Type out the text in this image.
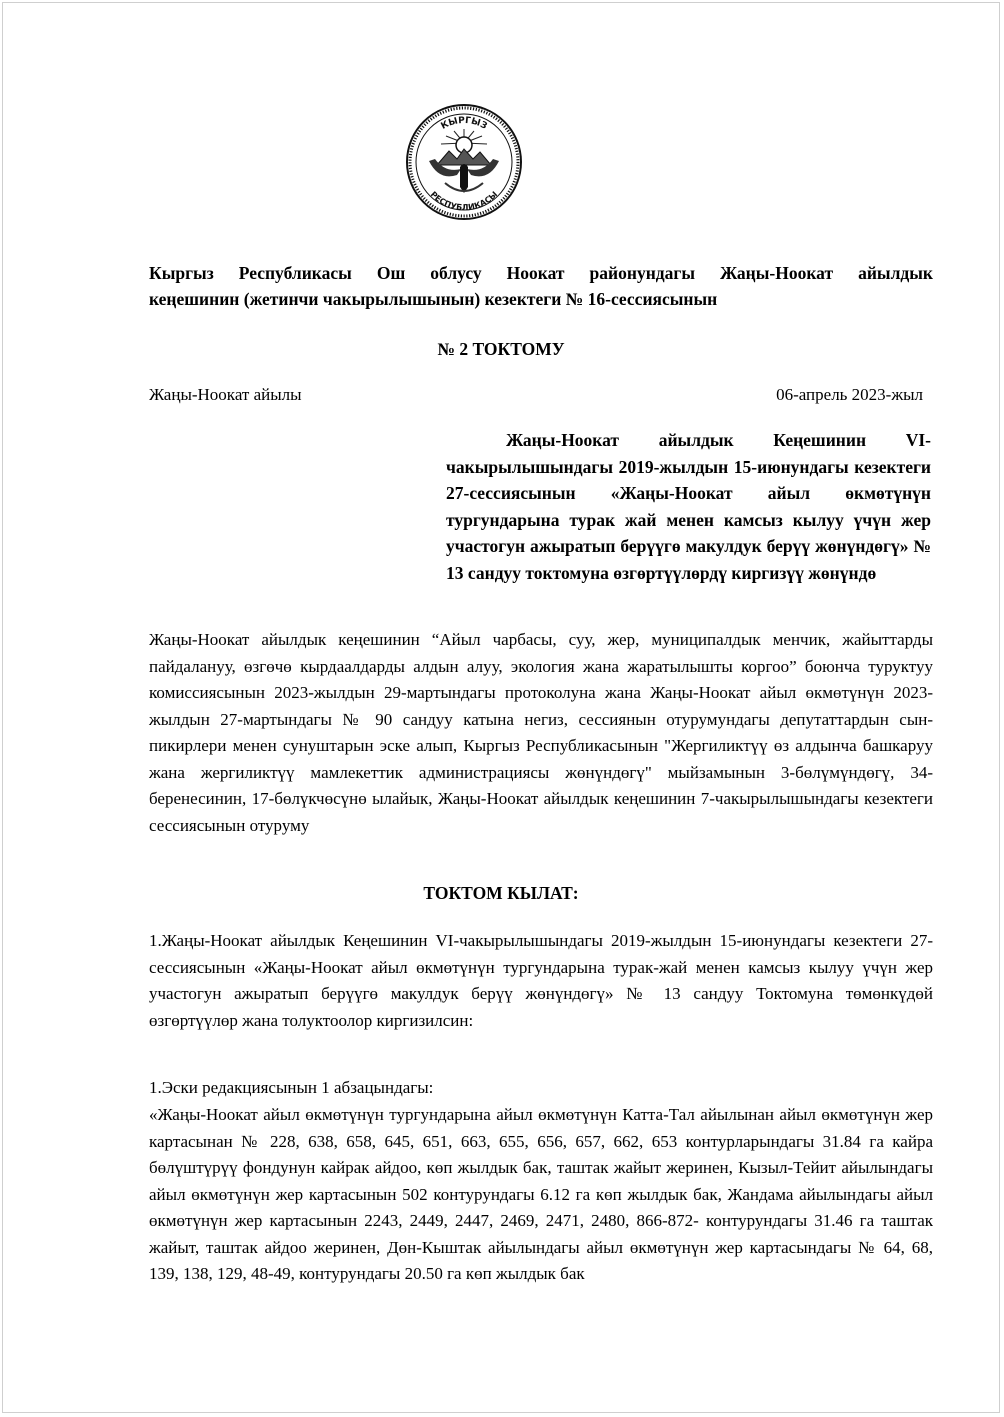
КЫРГЫЗ
РЕСПУБЛИКАСЫ
Кыргыз Республикасы Ош облусу Ноокат районундагы Жаңы-Ноокат айылдык
кеңешинин (жетинчи чакырылышынын) кезектеги № 16-сессиясынын
№ 2 ТОКТОМУ
Жаңы-Ноокат айылы	06-апрель 2023-жыл
Жаңы-Ноокат айылдык Кеңешинин VI-чакырылышындагы 2019-жылдын 15-июнундагы кезектеги 27-сессиясынын «Жаңы-Ноокат айыл өкмөтүнүн тургундарына турак жай менен камсыз кылуу үчүн жер участогун ажыратып берүүгө макулдук берүү жөнүндөгү» № 13 сандуу токтомуна өзгөртүүлөрдү киргизүү жөнүндө
Жаңы-Ноокат айылдык кеңешинин “Айыл чарбасы, суу, жер, муниципалдык менчик, жайыттарды пайдалануу, өзгөчө кырдаалдарды алдын алуу, экология жана жаратылышты коргоо” боюнча туруктуу комиссиясынын 2023-жылдын 29-мартындагы протоколуна жана Жаңы-Ноокат айыл өкмөтүнүн 2023-жылдын 27-мартындагы № 90 сандуу катына негиз, сессиянын отурумундагы депутаттардын сын-пикирлери менен сунуштарын эске алып, Кыргыз Республикасынын "Жергиликтүү өз алдынча башкаруу жана жергиликтүү мамлекеттик администрациясы жөнүндөгү" мыйзамынын 3-бөлүмүндөгү, 34-беренесинин, 17-бөлүкчөсүнө ылайык, Жаңы-Ноокат айылдык кеңешинин 7-чакырылышындагы кезектеги сессиясынын отуруму
ТОКТОМ КЫЛАТ:
1.Жаңы-Ноокат айылдык Кеңешинин VI-чакырылышындагы 2019-жылдын 15-июнундагы кезектеги 27- сессиясынын «Жаңы-Ноокат айыл өкмөтүнүн тургундарына турак-жай менен камсыз кылуу үчүн жер участогун ажыратып берүүгө макулдук берүү жөнүндөгү» № 13 сандуу Токтомуна төмөнкүдөй өзгөртүүлөр жана толуктоолор киргизилсин:
1.Эски редакциясынын 1 абзацындагы:
«Жаңы-Ноокат айыл өкмөтүнүн тургундарына айыл өкмөтүнүн Катта-Тал айылынан айыл өкмөтүнүн жер картасынан № 228, 638, 658, 645, 651, 663, 655, 656, 657, 662, 653 контурларындагы 31.84 га кайра бөлүштүрүү фондунун кайрак айдоо, көп жылдык бак, таштак жайыт жеринен, Кызыл-Тейит айылындагы айыл өкмөтүнүн жер картасынын 502 контурундагы 6.12 га көп жылдык бак, Жандама айылындагы айыл өкмөтүнүн жер картасынын 2243, 2449, 2447, 2469, 2471, 2480, 866-872- контурундагы 31.46 га таштак жайыт, таштак айдоо жеринен, Дөн-Кыштак айылындагы айыл өкмөтүнүн жер картасындагы № 64, 68, 139, 138, 129, 48-49, контурундагы 20.50 га көп жылдык бак
